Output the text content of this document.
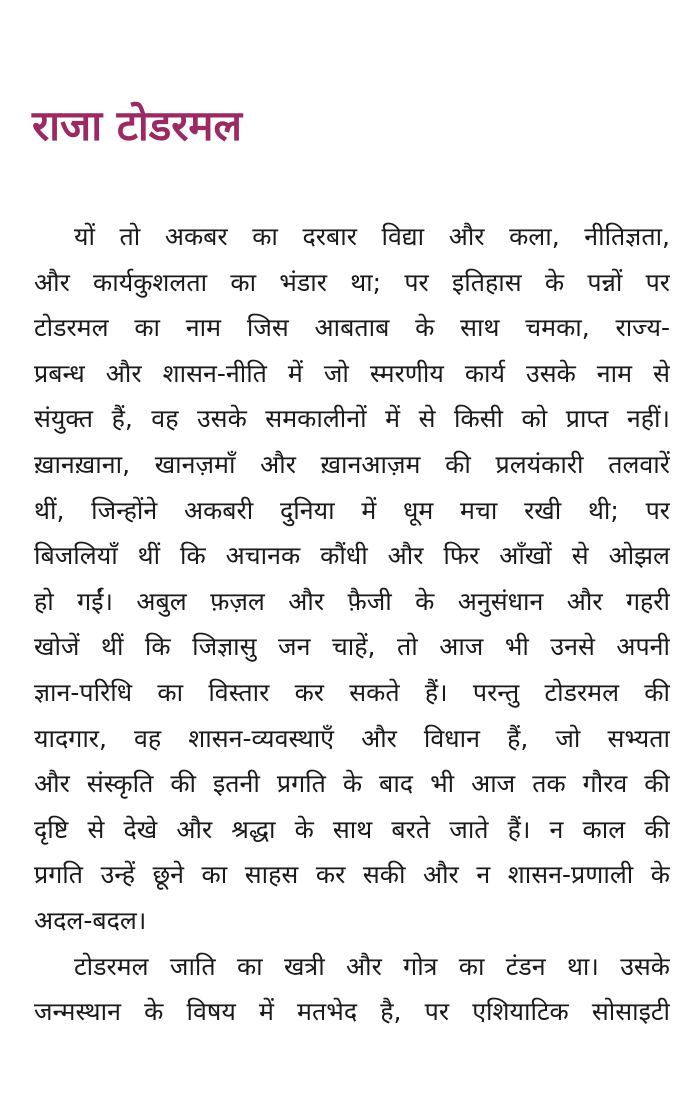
राजा टोडरमल
यों तो अकबर का दरबार विद्या और कला, नीतिज्ञता,
और कार्यकुशलता का भंडार था; पर इतिहास के पन्नों पर
टोडरमल का नाम जिस आबताब के साथ चमका, राज्य-
प्रबन्ध और शासन-नीति में जो स्मरणीय कार्य उसके नाम से
संयुक्त हैं, वह उसके समकालीनों में से किसी को प्राप्त नहीं।
ख़ानख़ाना, खानज़माँ और ख़ानआज़म की प्रलयंकारी तलवारें
थीं, जिन्होंने अकबरी दुनिया में धूम मचा रखी थी; पर
बिजलियाँ थीं कि अचानक कौंधी और फिर आँखों से ओझल
हो गईं। अबुल फ़ज़ल और फ़ैजी के अनुसंधान और गहरी
खोजें थीं कि जिज्ञासु जन चाहें, तो आज भी उनसे अपनी
ज्ञान-परिधि का विस्तार कर सकते हैं। परन्तु टोडरमल की
यादगार, वह शासन-व्यवस्थाएँ और विधान हैं, जो सभ्यता
और संस्कृति की इतनी प्रगति के बाद भी आज तक गौरव की
दृष्टि से देखे और श्रद्धा के साथ बरते जाते हैं। न काल की
प्रगति उन्हें छूने का साहस कर सकी और न शासन-प्रणाली के
अदल-बदल।
टोडरमल जाति का खत्री और गोत्र का टंडन था। उसके
जन्मस्थान के विषय में मतभेद है, पर एशियाटिक सोसाइटी
